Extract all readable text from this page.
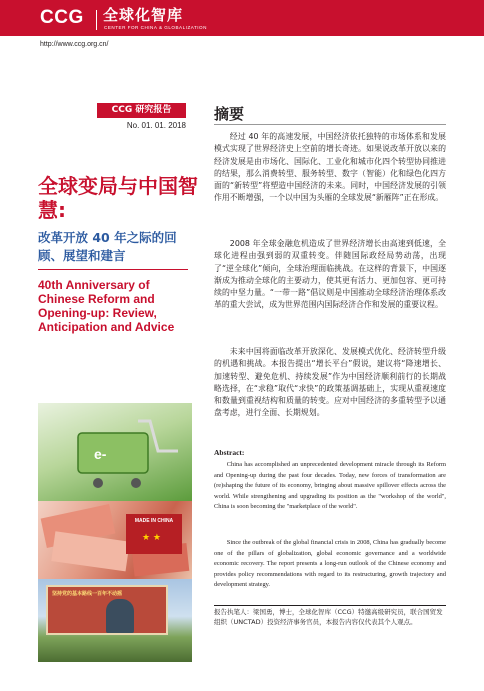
CCG 全球化智库
CENTER FOR CHINA & GLOBALIZATION
http://www.ccg.org.cn/
CCG 研究报告
No. 01. 01. 2018
全球变局与中国智慧:
改革开放 40 年之际的回顾、展望和建言
40th Anniversary of Chinese Reform and Opening-up: Review, Anticipation and Advice
e-
MADE IN CHINA
★ ★
坚持党的基本路线一百年不动摇
摘要

经过 40 年的高速发展，中国经济依托独特的市场体系和发展模式实现了世界经济史上空前的增长奇迹。如果说改革开放以来的经济发展是由市场化、国际化、工业化和城市化四个转型协同推进的结果，那么消费转型、服务转型、数字（智能）化和绿色化四方面的“新转型”将塑造中国经济的未来。同时，中国经济发展的引领作用不断增强，一个以中国为头雁的全球发展“新雁阵”正在形成。

2008 年全球金融危机造成了世界经济增长由高速到低速，全球化进程由强到弱的双重转变。伴随国际政经局势动荡，出现了“逆全球化”倾向，全球治理面临挑战。在这样的背景下，中国逐渐成为推动全球化的主要动力，使其更有活力、更加包容、更可持续的中坚力量。“一带一路”倡议则是中国推动全球经济治理体系改革的重大尝试，成为世界范围内国际经济合作和发展的重要议程。

未来中国将面临改革开放深化、发展模式优化、经济转型升级的机遇和挑战。本报告提出“增长平台”假说，建议将“降速增长、加速转型、避免危机、持续发展”作为中国经济顺利前行的长期战略选择，在“求稳”取代“求快”的政策基调基础上，实现从重视速度和数量到重视结构和质量的转变。应对中国经济的多重转型予以通盘考虑，进行全面、长期规划。

Abstract:

China has accomplished an unprecedented development miracle through its Reform and Opening-up during the past four decades. Today, new forces of transformation are (re)shaping the future of its economy, bringing about massive spillover effects across the world. While strengthening and upgrading its position as the "workshop of the world", China is soon becoming the "marketplace of the world".

Since the outbreak of the global financial crisis in 2008, China has gradually become one of the pillars of globalization, global economic governance and a worldwide economic recovery. The report presents a long-run outlook of the Chinese economy and provides policy recommendations with regard to its restructuring, growth trajectory and development strategy.

报告执笔人：梁国勇，博士，全球化智库（CCG）特邀高级研究员，联合国贸发组织（UNCTAD）投资经济事务官员，本报告内容仅代表其个人观点。
